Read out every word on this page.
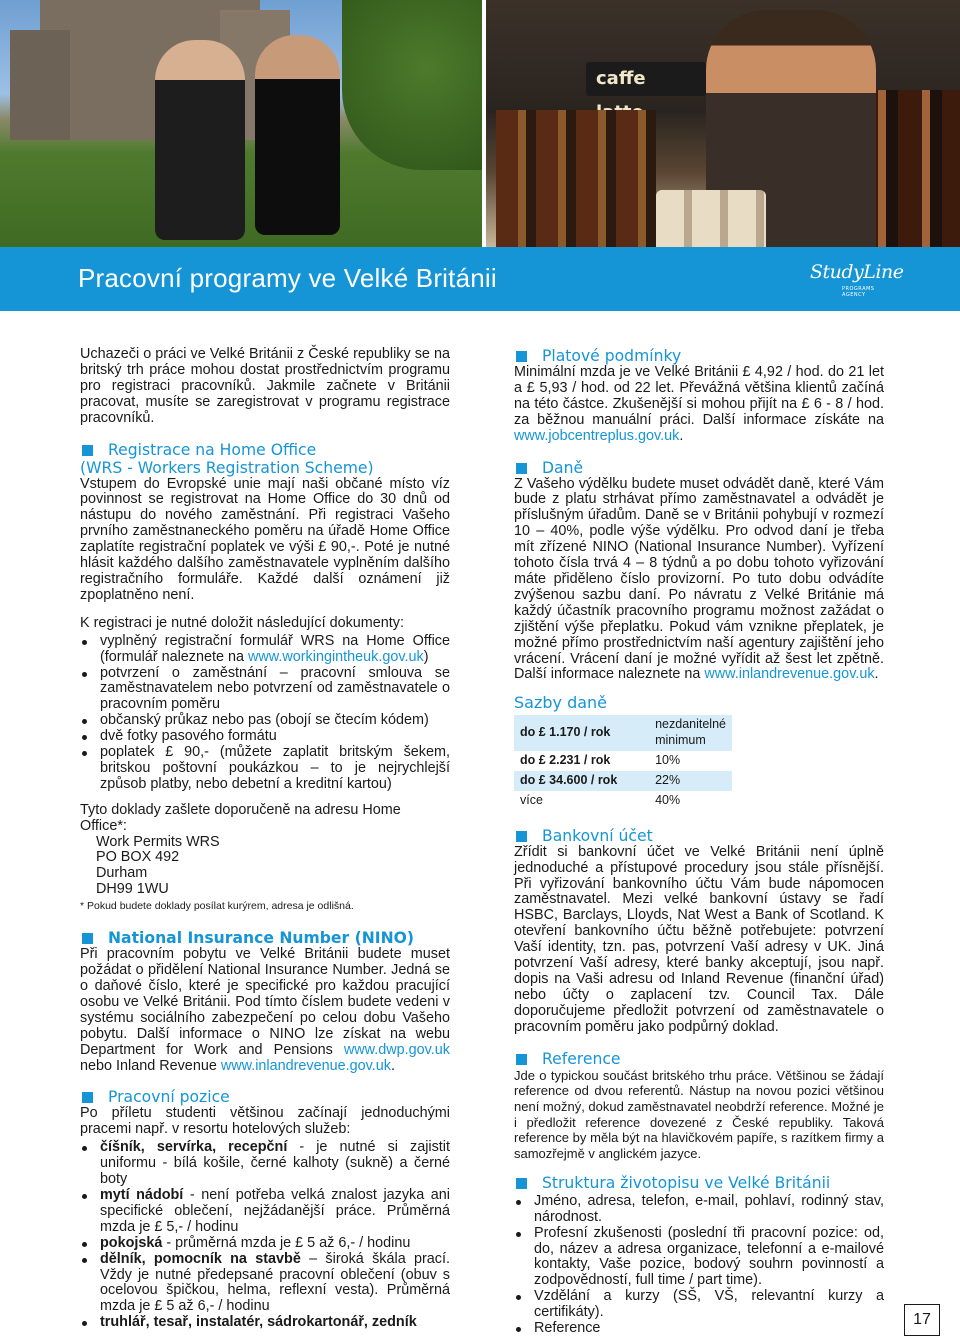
caffe
Pracovní programy ve Velké Británii	StudyLine
PROGRAMS AGENCY

Uchazeči o práci ve Velké Británii z České republiky se na britský trh práce mohou dostat prostřednictvím programu pro registraci pracovníků. Jakmile začnete v Británii pracovat, musíte se zaregistrovat v programu registrace pracovníků.

Registrace na Home Office
(WRS - Workers Registration Scheme)

Vstupem do Evropské unie mají naši občané místo víz povinnost se registrovat na Home Office do 30 dnů od nástupu do nového zaměstnání. Při registraci Vašeho prvního zaměstnaneckého poměru na úřadě Home Office zaplatíte registrační poplatek ve výši £ 90,-. Poté je nutné hlásit každého dalšího zaměstnavatele vyplněním dalšího registračního formuláře. Každé další oznámení již zpoplatněno není.

K registraci je nutné doložit následující dokumenty:

vyplněný registrační formulář WRS na Home Office (formulář naleznete na www.workingintheuk.gov.uk)
potvrzení o zaměstnání – pracovní smlouva se zaměstnavatelem nebo potvrzení od zaměstnavatele o pracovním poměru
občanský průkaz nebo pas (obojí se čtecím kódem)
dvě fotky pasového formátu
poplatek £ 90,- (můžete zaplatit britským šekem, britskou poštovní poukázkou – to je nejrychlejší způsob platby, nebo debetní a kreditní kartou)

Tyto doklady zašlete doporučeně na adresu Home Office*:

Work Permits WRS
PO BOX 492
Durham
DH99 1WU

* Pokud budete doklady posílat kurýrem, adresa je odlišná.

National Insurance Number (NINO)

Při pracovním pobytu ve Velké Británii budete muset požádat o přidělení National Insurance Number. Jedná se o daňové číslo, které je specifické pro každou pracující osobu ve Velké Británii. Pod tímto číslem budete vedeni v systému sociálního zabezpečení po celou dobu Vašeho pobytu. Další informace o NINO lze získat na webu Department for Work and Pensions www.dwp.gov.uk nebo Inland Revenue www.inlandrevenue.gov.uk.

Pracovní pozice

Po příletu studenti většinou začínají jednoduchými pracemi např. v resortu hotelových služeb:

číšník, servírka, recepční - je nutné si zajistit uniformu - bílá košile, černé kalhoty (sukně) a černé boty
mytí nádobí - není potřeba velká znalost jazyka ani specifické oblečení, nejžádanější práce. Průměrná mzda je £ 5,- / hodinu
pokojská - průměrná mzda je £ 5 až 6,- / hodinu
dělník, pomocník na stavbě – široká škála prací. Vždy je nutné předepsané pracovní oblečení (obuv s ocelovou špičkou, helma, reflexní vesta). Průměrná mzda je £ 5 až 6,- / hodinu
truhlář, tesař, instalatér, sádrokartonář, zedník
Platové podmínky

Minimální mzda je ve Velké Británii £ 4,92 / hod. do 21 let a £ 5,93 / hod. od 22 let. Převážná většina klientů začíná na této částce. Zkušenější si mohou přijít na £ 6 - 8 / hod. za běžnou manuální práci. Další informace získáte na www.jobcentreplus.gov.uk.

Daně

Z Vašeho výdělku budete muset odvádět daně, které Vám bude z platu strhávat přímo zaměstnavatel a odvádět je příslušným úřadům. Daně se v Británii pohybují v rozmezí 10 – 40%, podle výše výdělku. Pro odvod daní je třeba mít zřízené NINO (National Insurance Number). Vyřízení tohoto čísla trvá 4 – 8 týdnů a po dobu tohoto vyřizování máte přiděleno číslo provizorní. Po tuto dobu odvádíte zvýšenou sazbu daní. Po návratu z Velké Británie má každý účastník pracovního programu možnost zažádat o zjištění výše přeplatku. Pokud vám vznikne přeplatek, je možné přímo prostřednictvím naší agentury zajištění jeho vrácení. Vrácení daní je možné vyřídit až šest let zpětně. Další informace naleznete na www.inlandrevenue.gov.uk.

Sazby daně
do £ 1.170 / rok	nezdanitelné minimum
do £ 2.231 / rok	10%
do £ 34.600 / rok	22%
více	40%
Bankovní účet

Zřídit si bankovní účet ve Velké Británii není úplně jednoduché a přístupové procedury jsou stále přísnější. Při vyřizování bankovního účtu Vám bude nápomocen zaměstnavatel. Mezi velké bankovní ústavy se řadí HSBC, Barclays, Lloyds, Nat West a Bank of Scotland. K otevření bankovního účtu běžně potřebujete: potvrzení Vaší identity, tzn. pas, potvrzení Vaší adresy v UK. Jiná potvrzení Vaší adresy, které banky akceptují, jsou např. dopis na Vaši adresu od Inland Revenue (finanční úřad) nebo účty o zaplacení tzv. Council Tax. Dále doporučujeme předložit potvrzení od zaměstnavatele o pracovním poměru jako podpůrný doklad.

Reference

Jde o typickou součást britského trhu práce. Většinou se žádají reference od dvou referentů. Nástup na novou pozici většinou není možný, dokud zaměstnavatel neobdrží reference. Možné je i předložit reference dovezené z České republiky. Taková reference by měla být na hlavičkovém papíře, s razítkem firmy a samozřejmě v anglickém jazyce.

Struktura životopisu ve Velké Británii
Jméno, adresa, telefon, e-mail, pohlaví, rodinný stav, národnost.
Profesní zkušenosti (poslední tři pracovní pozice: od, do, název a adresa organizace, telefonní a e-mailové kontakty, Vaše pozice, bodový souhrn povinností a zodpovědností, full time / part time).
Vzdělání a kurzy (SŠ, VŠ, relevantní kurzy a certifikáty).
Reference
17
